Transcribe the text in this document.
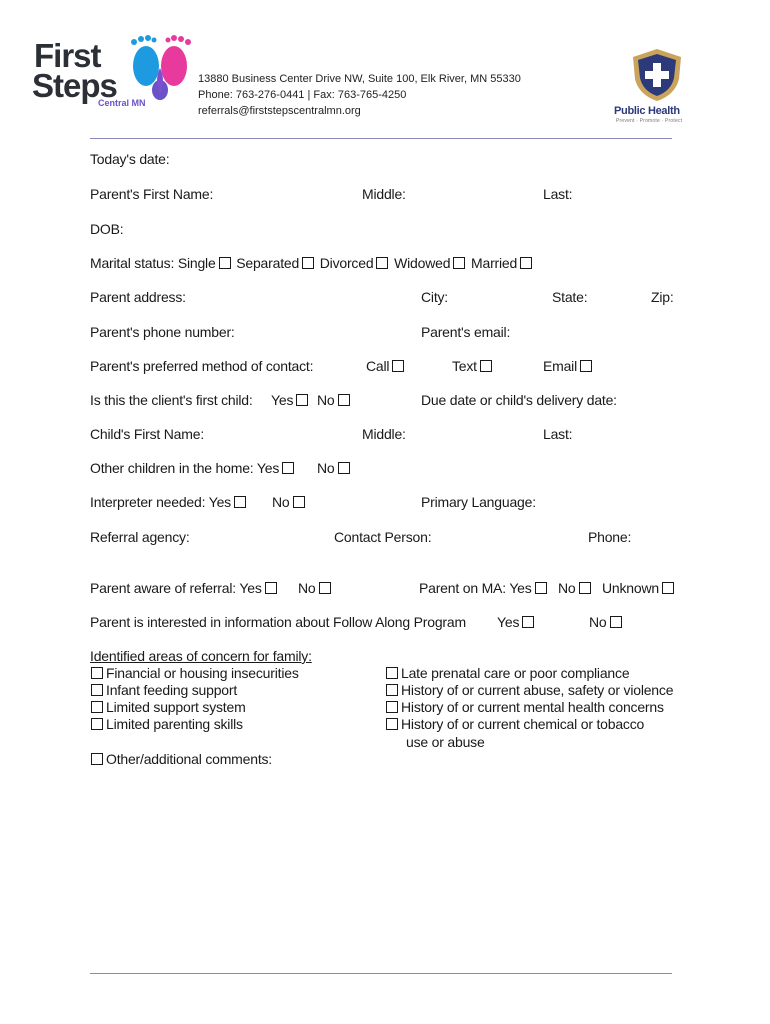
First
Steps
Central MN
13880 Business Center Drive NW, Suite 100, Elk River, MN 55330
Phone: 763-276-0441 | Fax: 763-765-4250
referrals@firststepscentralmn.org	Public Health
Prevent · Promote · Protect
Today's date:
Parent's First Name:	Middle:	Last:
DOB:
Marital status: Single Separated Divorced Widowed Married
Parent address:	City:	State:	Zip:
Parent's phone number:	Parent's email:
Parent's preferred method of contact:	Call	Text	Email
Is this the client's first child: Yes	No	Due date or child's delivery date:
Child's First Name:	Middle:	Last:
Other children in the home: Yes	No
Interpreter needed: Yes	No	Primary Language:
Referral agency:	Contact Person:	Phone:
Parent aware of referral: Yes	No	Parent on MA: Yes	No	Unknown
Parent is interested in information about Follow Along Program Yes	No
Identified areas of concern for family:
Financial or housing insecurities
Infant feeding support
Limited support system
Limited parenting skills
Late prenatal care or poor compliance
History of or current abuse, safety or violence
History of or current mental health concerns
History of or current chemical or tobacco
use or abuse
Other/additional comments:
